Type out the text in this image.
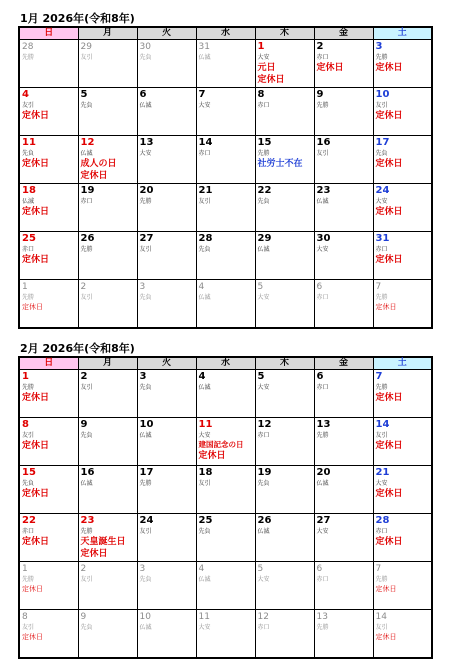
1月 2026年(令和8年)
日	月	火	水	木	金	土

28
先勝	29
友引	30
先負	31
仏滅	1
大安
元日
定休日	2
赤口
定休日	3
先勝
定休日

4
友引
定休日	5
先負	6
仏滅	7
大安	8
赤口	9
先勝	10
友引
定休日

11
先負
定休日	12
仏滅
成人の日
定休日	13
大安	14
赤口	15
先勝
社労士不在	16
友引	17
先負
定休日

18
仏滅
定休日	19
赤口	20
先勝	21
友引	22
先負	23
仏滅	24
大安
定休日

25
赤口
定休日	26
先勝	27
友引	28
先負	29
仏滅	30
大安	31
赤口
定休日

1
先勝
定休日	2
友引	3
先負	4
仏滅	5
大安	6
赤口	7
先勝
定休日
2月 2026年(令和8年)
日	月	火	水	木	金	土

1
先勝
定休日	2
友引	3
先負	4
仏滅	5
大安	6
赤口	7
先勝
定休日

8
友引
定休日	9
先負	10
仏滅	11
大安
建国記念の日
定休日	12
赤口	13
先勝	14
友引
定休日

15
先負
定休日	16
仏滅	17
先勝	18
友引	19
先負	20
仏滅	21
大安
定休日

22
赤口
定休日	23
先勝
天皇誕生日
定休日	24
友引	25
先負	26
仏滅	27
大安	28
赤口
定休日

1
先勝
定休日	2
友引	3
先負	4
仏滅	5
大安	6
赤口	7
先勝
定休日

8
友引
定休日	9
先負	10
仏滅	11
大安	12
赤口	13
先勝	14
友引
定休日
